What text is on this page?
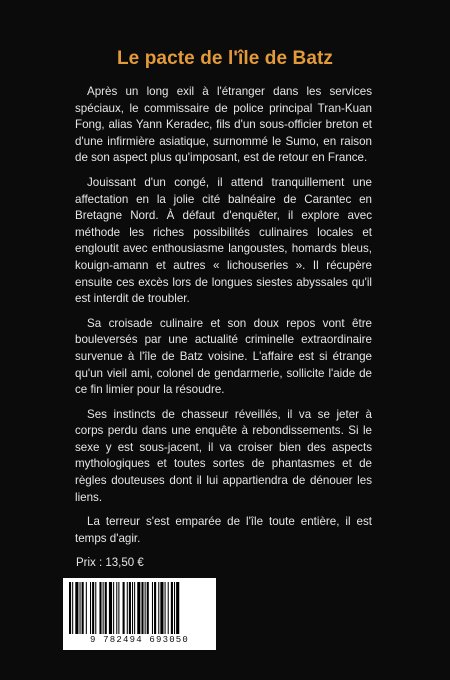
Le pacte de l'île de Batz

Après un long exil à l'étranger dans les services spéciaux, le commissaire de police principal Tran-Kuan Fong, alias Yann Keradec, fils d'un sous-officier breton et d'une infirmière asiatique, surnommé le Sumo, en raison de son aspect plus qu'imposant, est de retour en France.

Jouissant d'un congé, il attend tranquillement une affectation en la jolie cité balnéaire de Carantec en Bretagne Nord. À défaut d'enquêter, il explore avec méthode les riches possibilités culinaires locales et engloutit avec enthousiasme langoustes, homards bleus, kouign-amann et autres « lichouseries ». Il récupère ensuite ces excès lors de longues siestes abyssales qu'il est interdit de troubler.

Sa croisade culinaire et son doux repos vont être bouleversés par une actualité criminelle extraordinaire survenue à l'île de Batz voisine. L'affaire est si étrange qu'un vieil ami, colonel de gendarmerie, sollicite l'aide de ce fin limier pour la résoudre.

Ses instincts de chasseur réveillés, il va se jeter à corps perdu dans une enquête à rebondissements. Si le sexe y est sous-jacent, il va croiser bien des aspects mythologiques et toutes sortes de phantasmes et de règles douteuses dont il lui appartiendra de dénouer les liens.

La terreur s'est emparée de l'île toute entière, il est temps d'agir.

Prix : 13,50 €
9 782494 693050
